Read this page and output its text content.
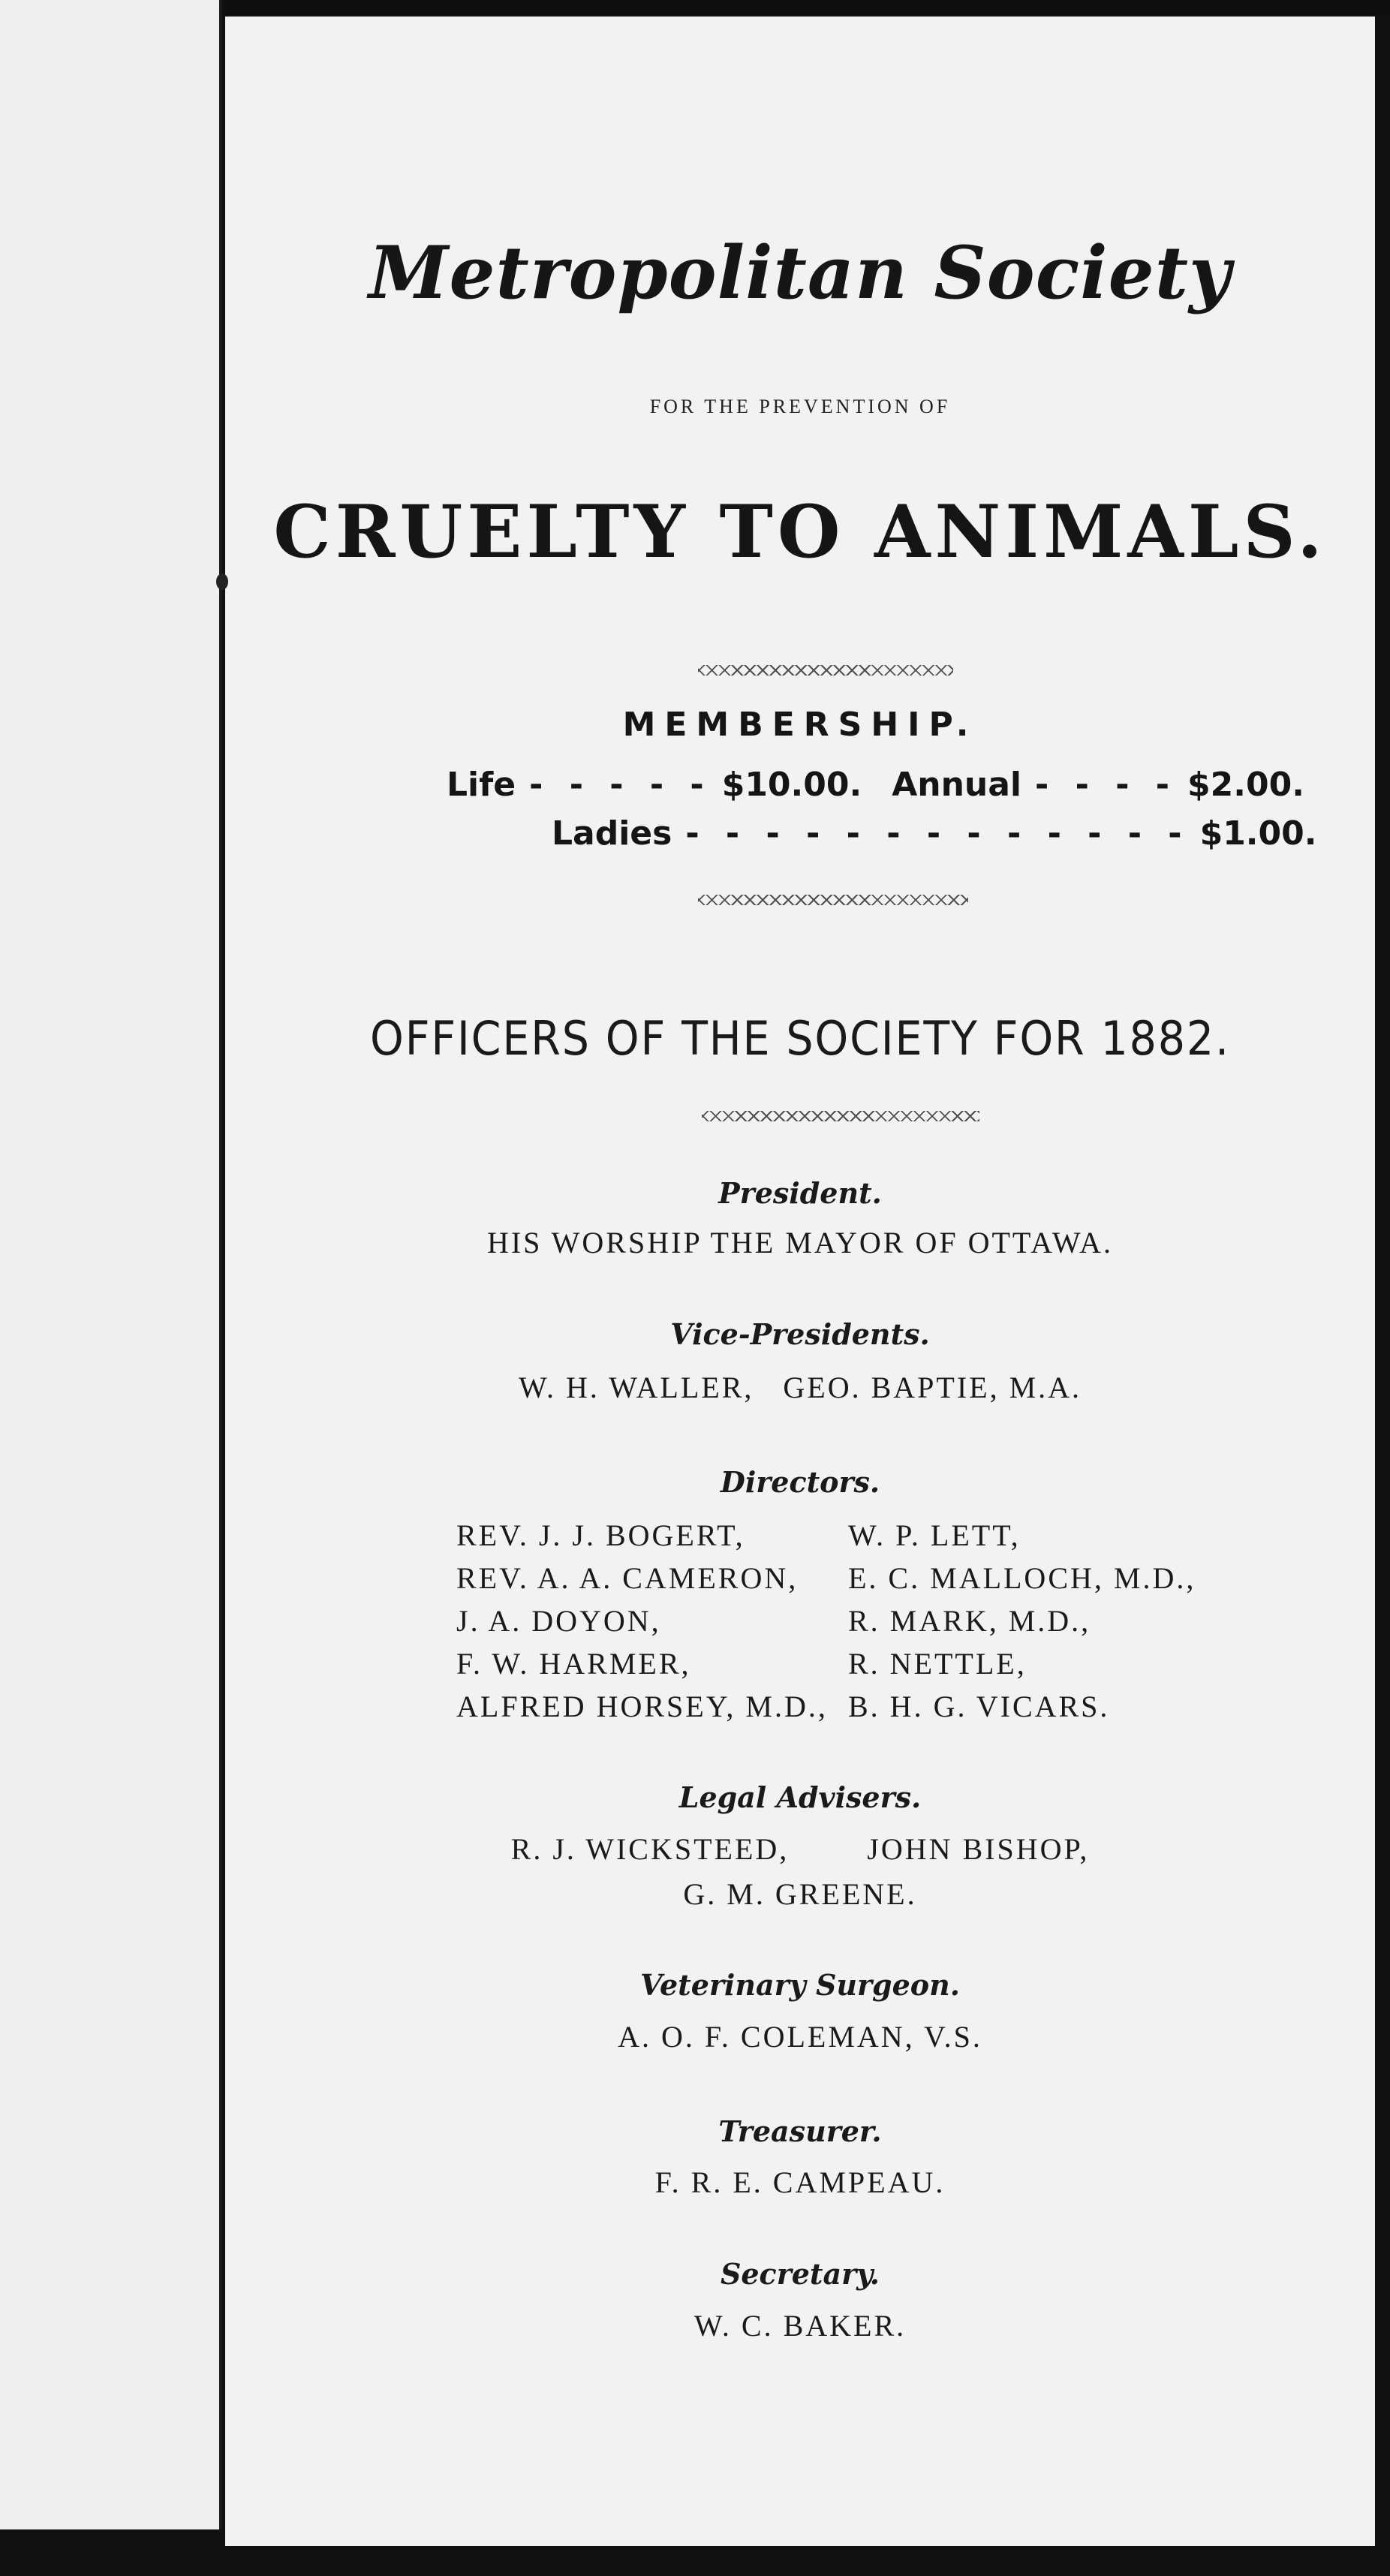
Metropolitan Society
FOR THE PREVENTION OF
CRUELTY TO ANIMALS.
MEMBERSHIP.
Life - - - - - $10.00. Annual - - - - $2.00.
Ladies - - - - - - - - - - - - - $1.00.
OFFICERS OF THE SOCIETY FOR 1882.
President.
HIS WORSHIP THE MAYOR OF OTTAWA.
Vice-Presidents.
W. H. WALLER,   GEO. BAPTIE, M.A.
Directors.
REV. J. J. BOGERT,
REV. A. A. CAMERON,
J. A. DOYON,
F. W. HARMER,
ALFRED HORSEY, M.D.,
W. P. LETT,
E. C. MALLOCH, M.D.,
R. MARK, M.D.,
R. NETTLE,
B. H. G. VICARS.
Legal Advisers.
R. J. WICKSTEED,        JOHN BISHOP,
G. M. GREENE.
Veterinary Surgeon.
A. O. F. COLEMAN, V.S.
Treasurer.
F. R. E. CAMPEAU.
Secretary.
W. C. BAKER.
